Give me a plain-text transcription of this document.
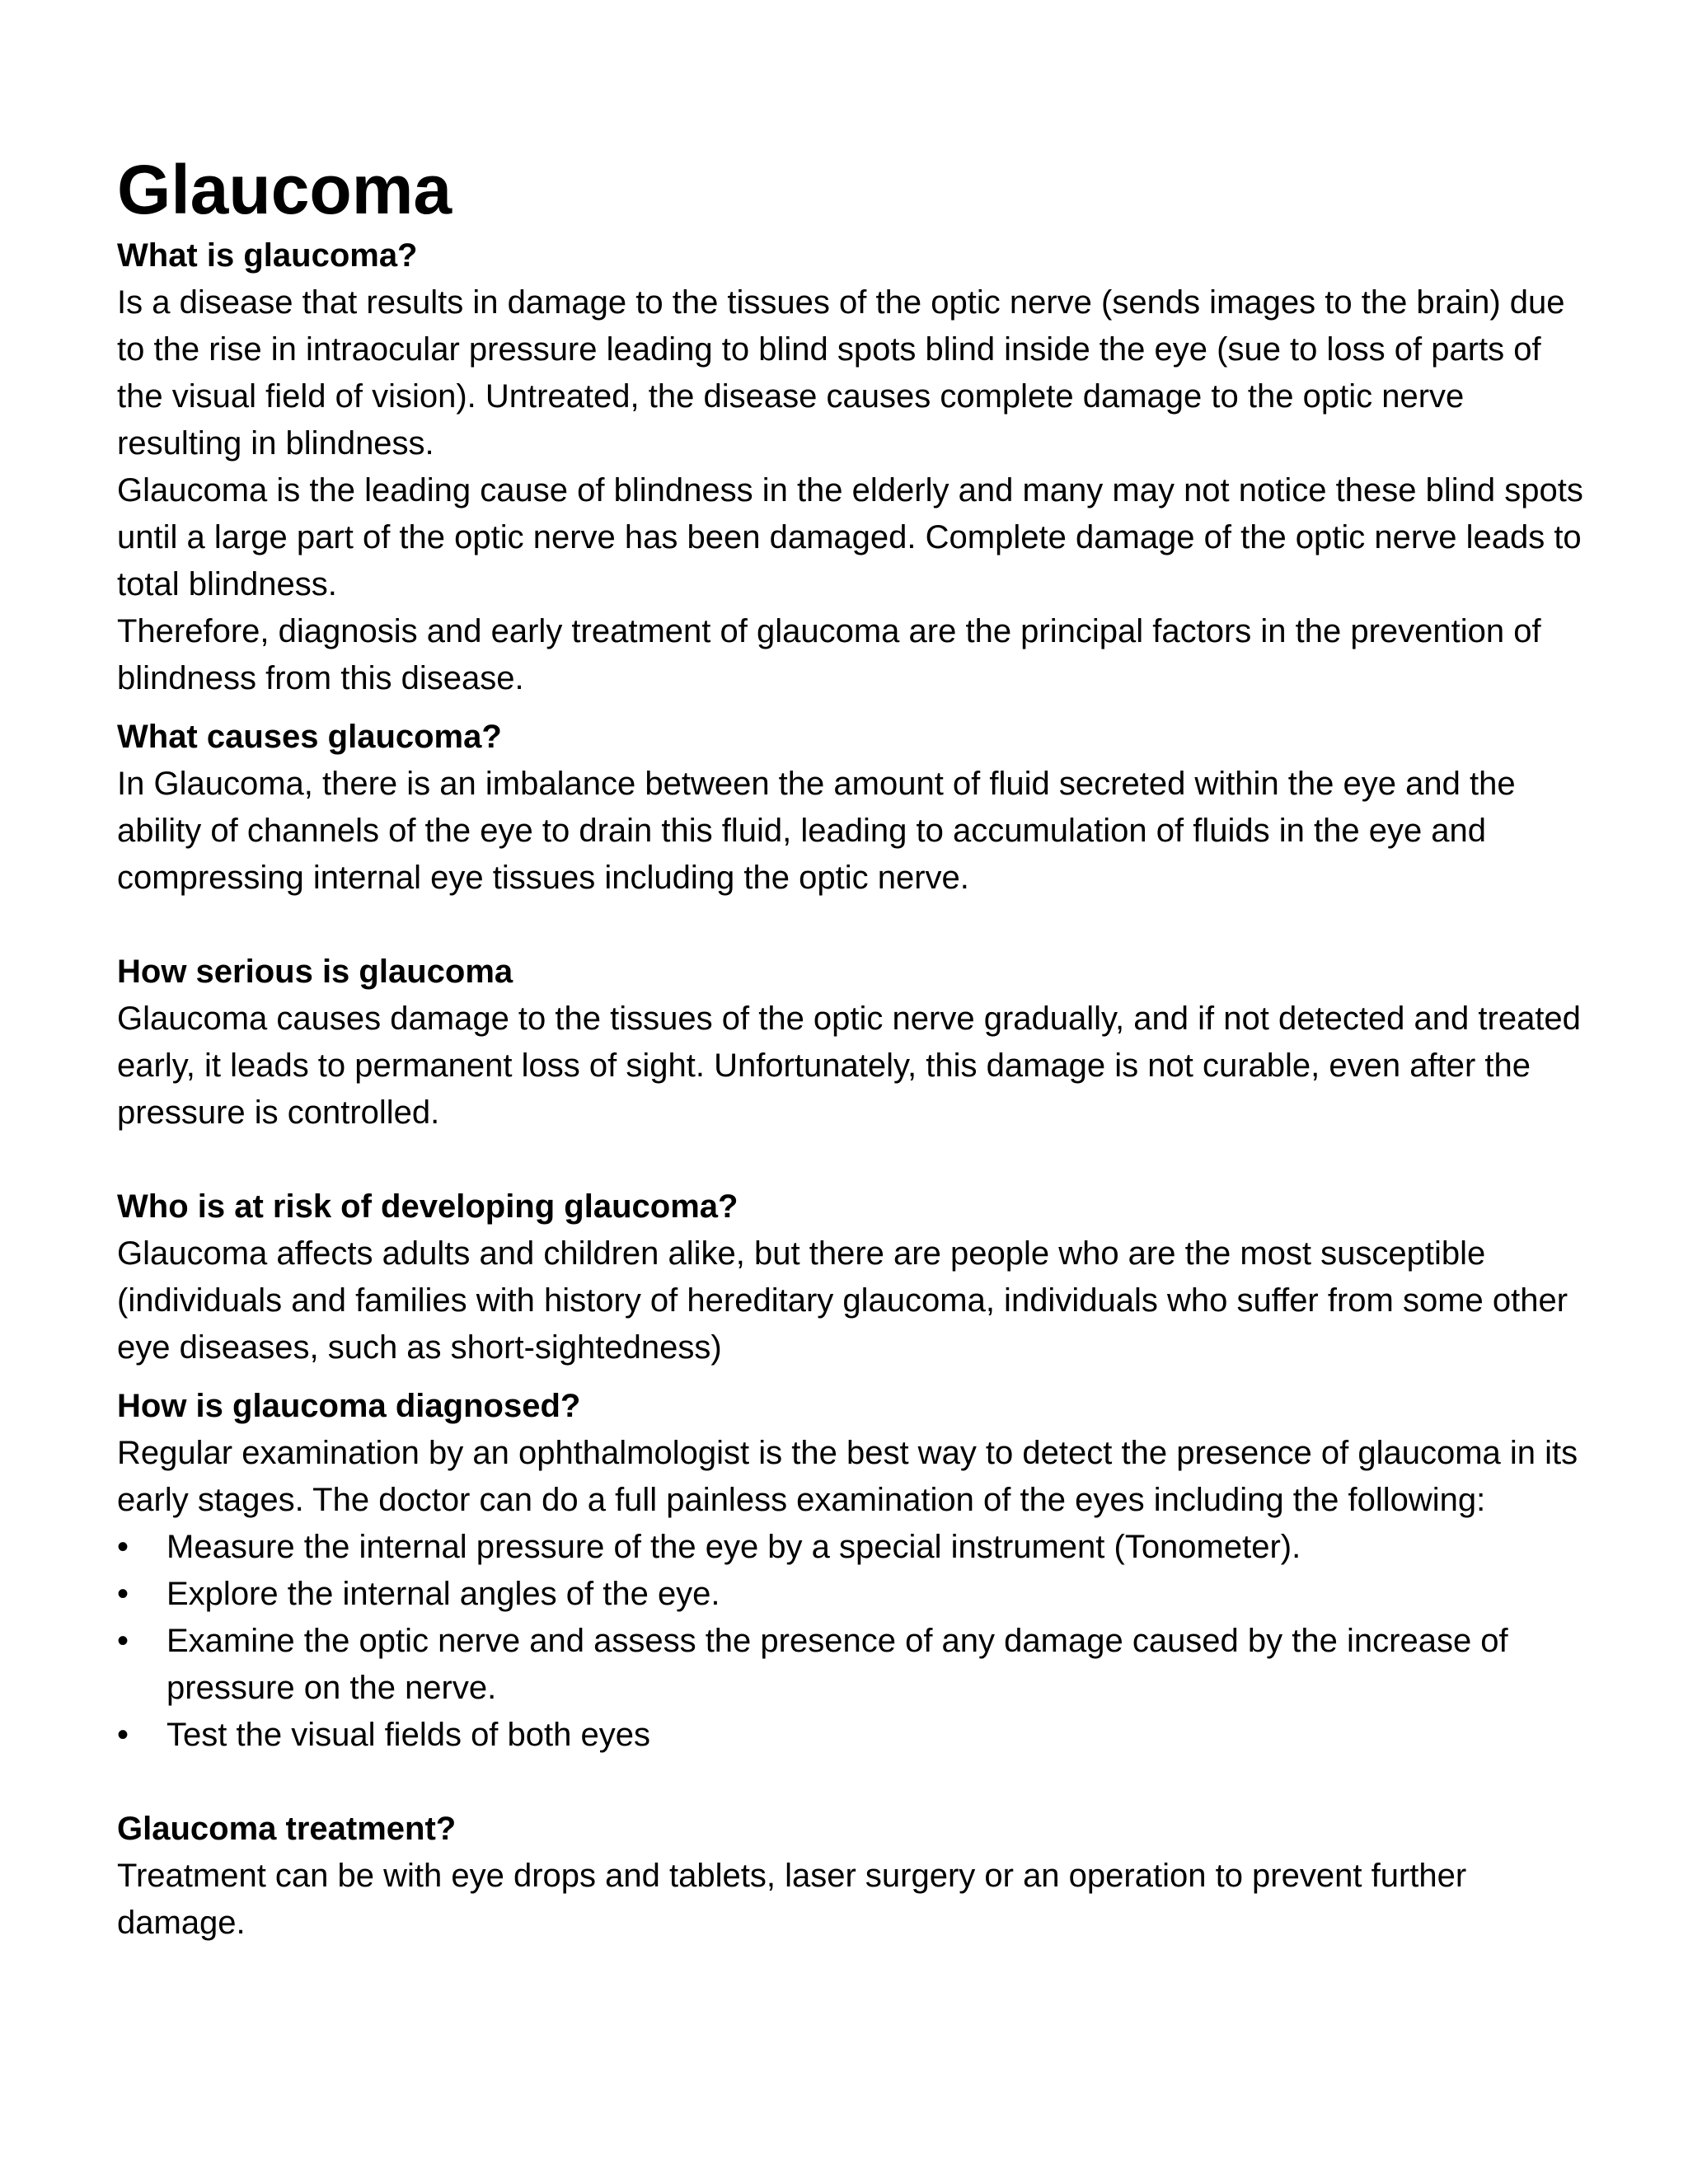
Glaucoma

What is glaucoma?

Is a disease that results in damage to the tissues of the optic nerve (sends images to the brain) due to the rise in intraocular pressure leading to blind spots blind inside the eye (sue to loss of parts of the visual field of vision). Untreated, the disease causes complete damage to the optic nerve resulting in blindness.

Glaucoma is the leading cause of blindness in the elderly and many may not notice these blind spots until a large part of the optic nerve has been damaged. Complete damage of the optic nerve leads to total blindness.

Therefore, diagnosis and early treatment of glaucoma are the principal factors in the prevention of blindness from this disease.

What causes glaucoma?

In Glaucoma, there is an imbalance between the amount of fluid secreted within the eye and the ability of channels of the eye to drain this fluid, leading to accumulation of fluids in the eye and compressing internal eye tissues including the optic nerve.

How serious is glaucoma

Glaucoma causes damage to the tissues of the optic nerve gradually, and if not detected and treated early, it leads to permanent loss of sight. Unfortunately, this damage is not curable, even after the pressure is controlled.

Who is at risk of developing glaucoma?

Glaucoma affects adults and children alike, but there are people who are the most susceptible (individuals and families with history of hereditary glaucoma, individuals who suffer from some other eye diseases, such as short-sightedness)

How is glaucoma diagnosed?

Regular examination by an ophthalmologist is the best way to detect the presence of glaucoma in its early stages. The doctor can do a full painless examination of the eyes including the following:

•	Measure the internal pressure of the eye by a special instrument (Tonometer).
•	Explore the internal angles of the eye.
•	Examine the optic nerve and assess the presence of any damage caused by the increase of pressure on the nerve.
•	Test the visual fields of both eyes

Glaucoma treatment?

Treatment can be with eye drops and tablets, laser surgery or an operation to prevent further damage.
